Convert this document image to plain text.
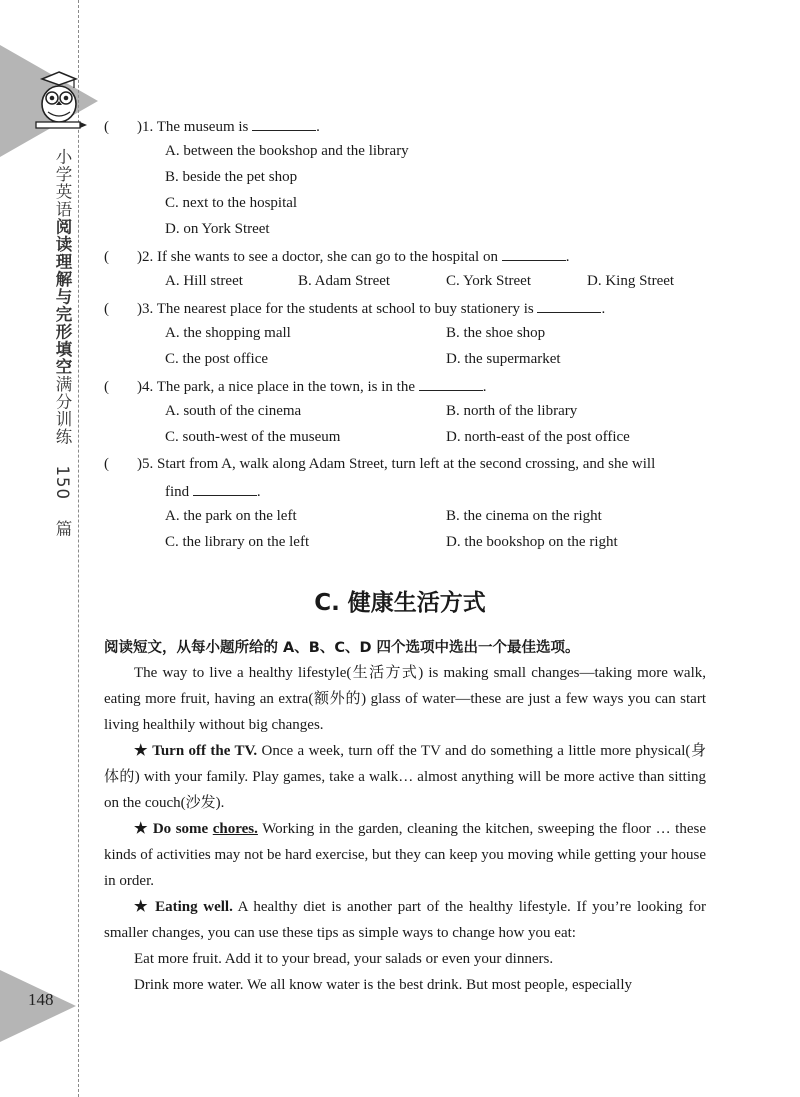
小学英语阅读理解与完形填空满分训练 150 篇
148
( )1. The museum is	.
A. between the bookshop and the library
B. beside the pet shop
C. next to the hospital
D. on York Street
( )2. If she wants to see a doctor, she can go to the hospital on	.
A. Hill street	B. Adam Street	C. York Street	D. King Street
( )3. The nearest place for the students at school to buy stationery is	.
A. the shopping mall	B. the shoe shop
C. the post office	D. the supermarket
( )4. The park, a nice place in the town, is in the	.
A. south of the cinema	B. north of the library
C. south-west of the museum	D. north-east of the post office
( )5. Start from A, walk along Adam Street, turn left at the second crossing, and she will
find	.
A. the park on the left	B. the cinema on the right
C. the library on the left	D. the bookshop on the right
C. 健康生活方式
阅读短文，从每小题所给的 A、B、C、D 四个选项中选出一个最佳选项。

The way to live a healthy lifestyle(生活方式) is making small changes—taking more walk, eating more fruit, having an extra(额外的) glass of water—these are just a few ways you can start living healthily without big changes.

★ Turn off the TV. Once a week, turn off the TV and do something a little more physical(身体的) with your family. Play games, take a walk… almost anything will be more active than sitting on the couch(沙发).

★ Do some chores. Working in the garden, cleaning the kitchen, sweeping the floor … these kinds of activities may not be hard exercise, but they can keep you moving while getting your house in order.

★ Eating well. A healthy diet is another part of the healthy lifestyle. If you’re looking for smaller changes, you can use these tips as simple ways to change how you eat:

Eat more fruit. Add it to your bread, your salads or even your dinners.

Drink more water. We all know water is the best drink. But most people, especially
